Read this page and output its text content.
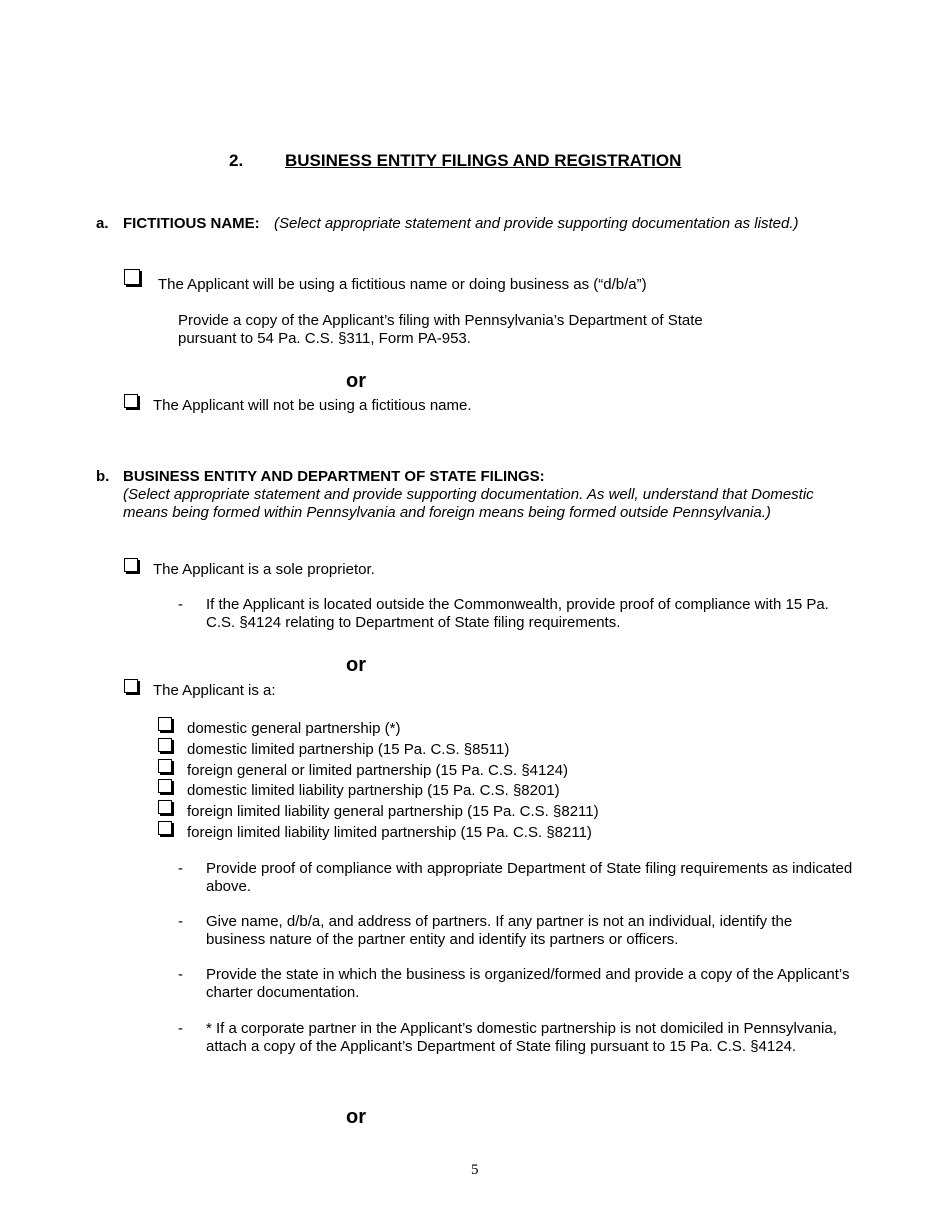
2. BUSINESS ENTITY FILINGS AND REGISTRATION
a. FICTITIOUS NAME: (Select appropriate statement and provide supporting documentation as listed.)
The Applicant will be using a fictitious name or doing business as (“d/b/a”)
Provide a copy of the Applicant’s filing with Pennsylvania’s Department of State
pursuant to 54 Pa. C.S. §311, Form PA-953.
or
The Applicant will not be using a fictitious name.
b. BUSINESS ENTITY AND DEPARTMENT OF STATE FILINGS:
(Select appropriate statement and provide supporting documentation. As well, understand that Domestic
means being formed within Pennsylvania and foreign means being formed outside Pennsylvania.)
The Applicant is a sole proprietor.
- If the Applicant is located outside the Commonwealth, provide proof of compliance with 15 Pa.
C.S. §4124 relating to Department of State filing requirements.
or
The Applicant is a:
domestic general partnership (*)
domestic limited partnership (15 Pa. C.S. §8511)
foreign general or limited partnership (15 Pa. C.S. §4124)
domestic limited liability partnership (15 Pa. C.S. §8201)
foreign limited liability general partnership (15 Pa. C.S. §8211)
foreign limited liability limited partnership (15 Pa. C.S. §8211)
- Provide proof of compliance with appropriate Department of State filing requirements as indicated
above.
- Give name, d/b/a, and address of partners. If any partner is not an individual, identify the
business nature of the partner entity and identify its partners or officers.
- Provide the state in which the business is organized/formed and provide a copy of the Applicant’s
charter documentation.
- * If a corporate partner in the Applicant’s domestic partnership is not domiciled in Pennsylvania,
attach a copy of the Applicant’s Department of State filing pursuant to 15 Pa. C.S. §4124.
or
5
